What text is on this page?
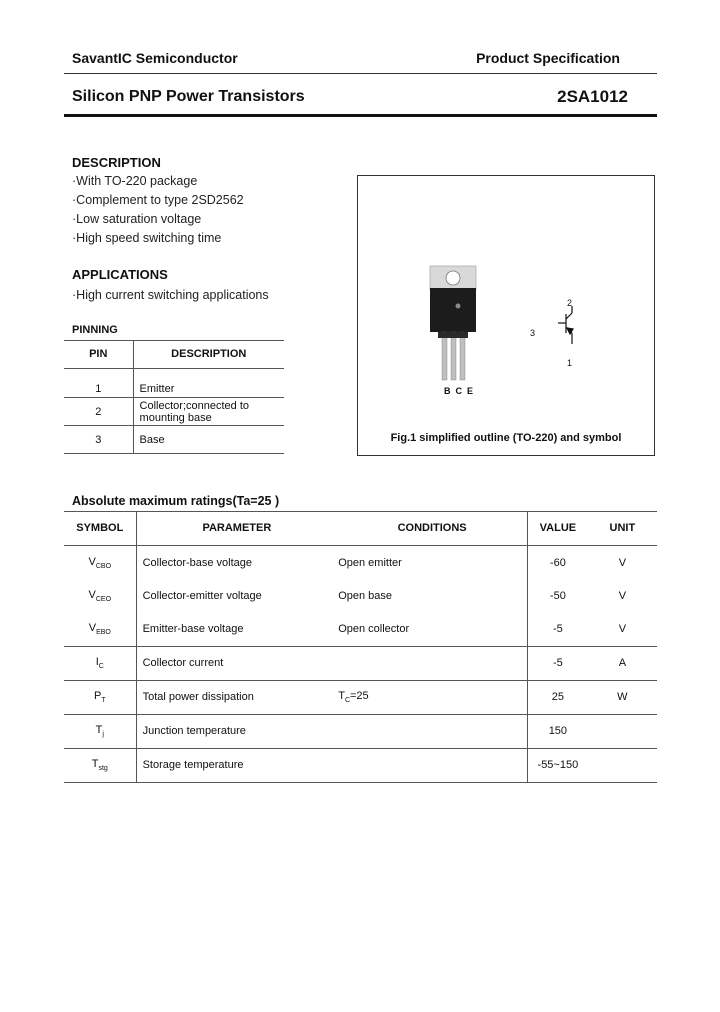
SavantIC Semiconductor	Product Specification
Silicon PNP Power Transistors	2SA1012
DESCRIPTION
·With TO-220 package
·Complement to type 2SD2562
·Low saturation voltage
·High speed switching time
APPLICATIONS
·High current switching applications
PINNING
PIN	DESCRIPTION
1	Emitter
2	Collector;connected to mounting base
3	Base
BCE
2
3
1
Fig.1 simplified outline (TO-220) and symbol
Absolute maximum ratings(Ta=25 )
SYMBOL	PARAMETER	CONDITIONS	VALUE	UNIT
$V_{CBO}$	Collector-base voltage	Open emitter	-60	V
$V_{CEO}$	Collector-emitter voltage	Open base	-50	V
$V_{EBO}$	Emitter-base voltage	Open collector	-5	V
$I_C$	Collector current		-5	A
$P_T$	Total power dissipation	$T_C=25$	25	W
$T_j$	Junction temperature		150	
$T_{stg}$	Storage temperature		-55~150	
